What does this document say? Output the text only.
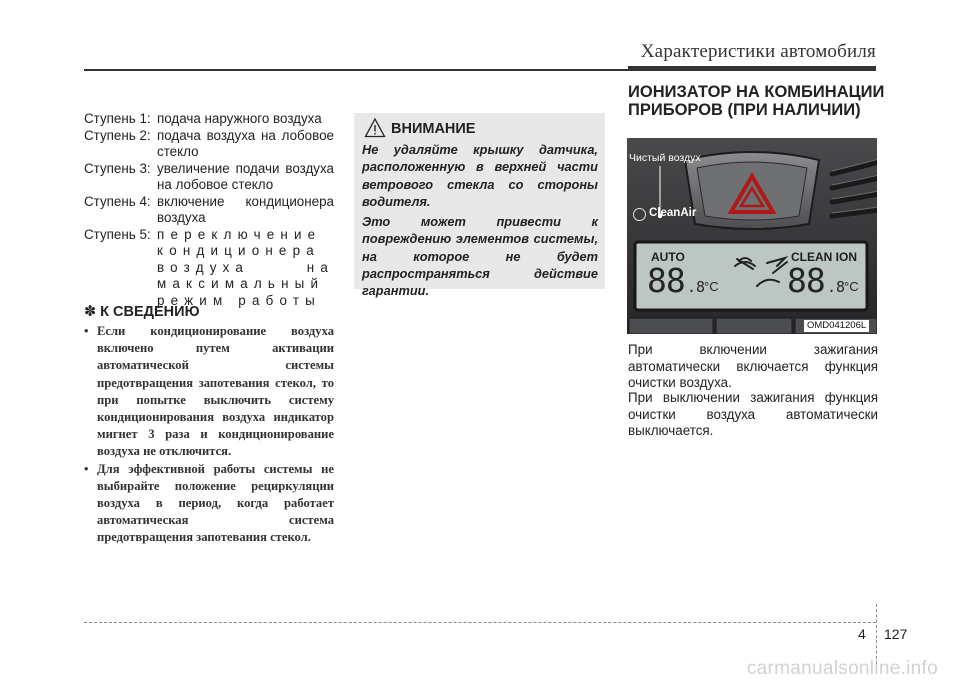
Характеристики автомобиля
Ступень 1: подача наружного воздуха
Ступень 2: подача воздуха на лобовое стекло
Ступень 3: увеличение подачи воздуха на лобовое стекло
Ступень 4: включение кондиционера воздуха
Ступень 5: переключение кондиционера воздуха на максимальный режим работы
✽ К СВЕДЕНИЮ
• Если кондиционирование воздуха включено путем активации автоматической системы предотвращения запотевания стекол, то при попытке выключить систему кондиционирования воздуха индикатор мигнет 3 раза и кондиционирование воздуха не отключится.
• Для эффективной работы системы не выбирайте положение рециркуляции воздуха в период, когда работает автоматическая система предотвращения запотевания стекол.
ВНИМАНИЕ
Не удаляйте крышку датчика, расположенную в верхней части ветрового стекла со стороны водителя.
Это может привести к повреждению элементов системы, на которое не будет распространяться действие гарантии.
ИОНИЗАТОР НА КОМБИНАЦИИ ПРИБОРОВ (ПРИ НАЛИЧИИ)
Чистый воздух
CleanAir
AUTO	CLEAN ION
88 .8
°C 88 .8
°C
OMD041206L
При включении зажигания автоматически включается функция очистки воздуха.
При выключении зажигания функция очистки воздуха автоматически выключается.
4 127
carmanualsonline.info
